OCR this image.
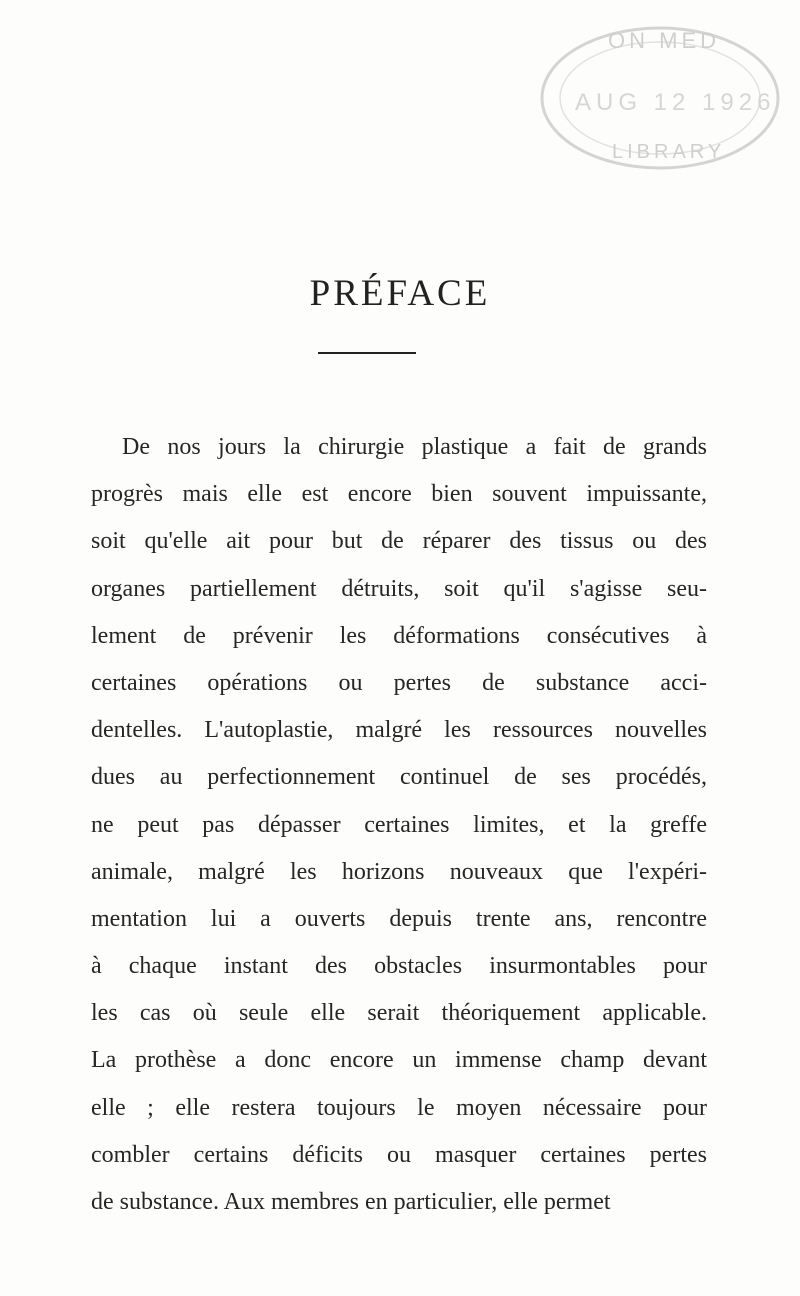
ON MED
AUG 12 1926
LIBRARY
PRÉFACE
De nos jours la chirurgie plastique a fait de grands
progrès mais elle est encore bien souvent impuissante,
soit qu'elle ait pour but de réparer des tissus ou des
organes partiellement détruits, soit qu'il s'agisse seu-
lement de prévenir les déformations consécutives à
certaines opérations ou pertes de substance acci-
dentelles. L'autoplastie, malgré les ressources nouvelles
dues au perfectionnement continuel de ses procédés,
ne peut pas dépasser certaines limites, et la greffe
animale, malgré les horizons nouveaux que l'expéri-
mentation lui a ouverts depuis trente ans, rencontre
à chaque instant des obstacles insurmontables pour
les cas où seule elle serait théoriquement applicable.
La prothèse a donc encore un immense champ devant
elle ; elle restera toujours le moyen nécessaire pour
combler certains déficits ou masquer certaines pertes
de substance. Aux membres en particulier, elle permet
